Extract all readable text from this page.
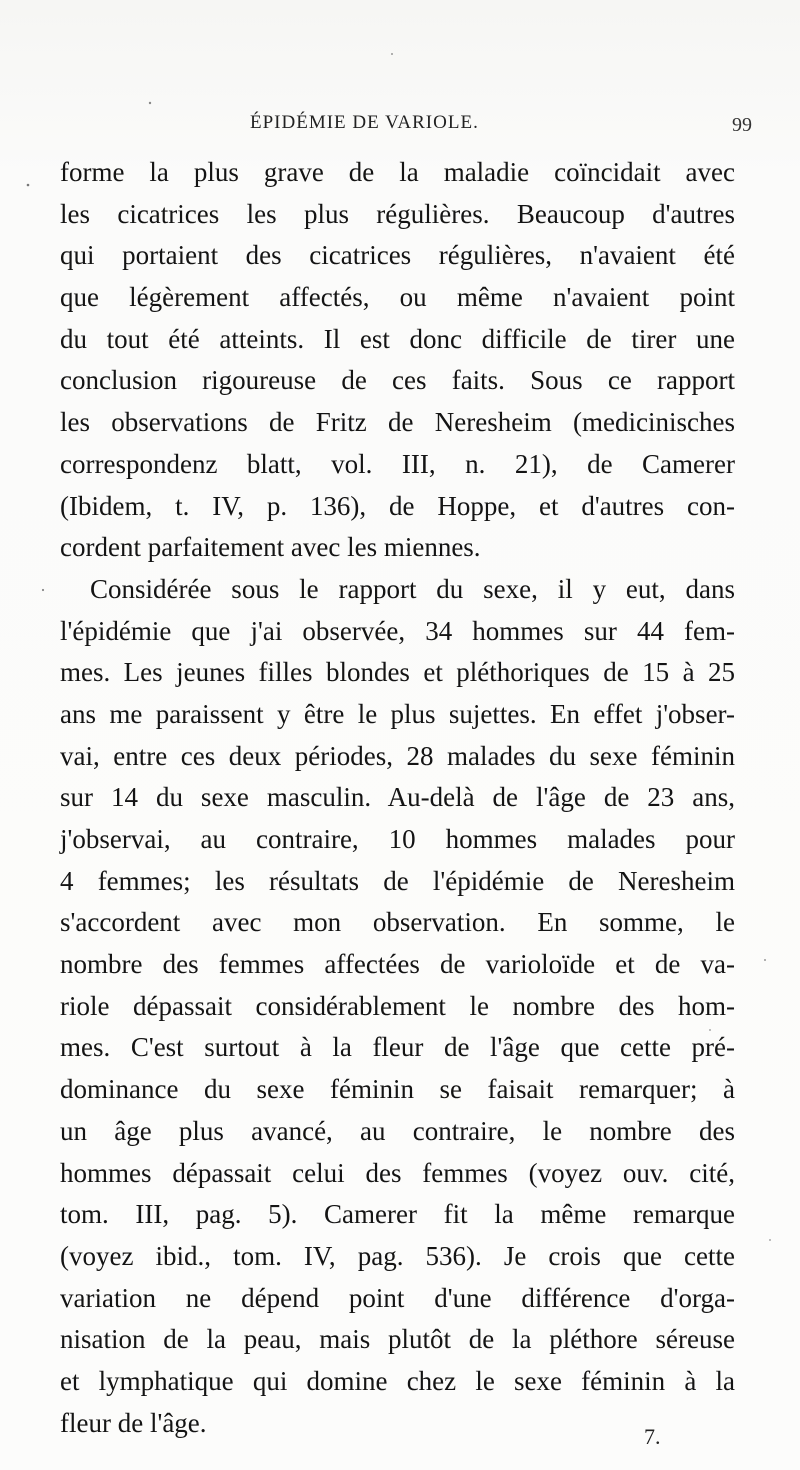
ÉPIDÉMIE DE VARIOLE.	99
forme la plus grave de la maladie coïncidait avec
les cicatrices les plus régulières. Beaucoup d'autres
qui portaient des cicatrices régulières, n'avaient été
que légèrement affectés, ou même n'avaient point
du tout été atteints. Il est donc difficile de tirer une
conclusion rigoureuse de ces faits. Sous ce rapport
les observations de Fritz de Neresheim (medicinisches
correspondenz blatt, vol. III, n. 21), de Camerer
(Ibidem, t. IV, p. 136), de Hoppe, et d'autres con-
cordent parfaitement avec les miennes.
Considérée sous le rapport du sexe, il y eut, dans
l'épidémie que j'ai observée, 34 hommes sur 44 fem-
mes. Les jeunes filles blondes et pléthoriques de 15 à 25
ans me paraissent y être le plus sujettes. En effet j'obser-
vai, entre ces deux périodes, 28 malades du sexe féminin
sur 14 du sexe masculin. Au-delà de l'âge de 23 ans,
j'observai, au contraire, 10 hommes malades pour
4 femmes; les résultats de l'épidémie de Neresheim
s'accordent avec mon observation. En somme, le
nombre des femmes affectées de varioloïde et de va-
riole dépassait considérablement le nombre des hom-
mes. C'est surtout à la fleur de l'âge que cette pré-
dominance du sexe féminin se faisait remarquer; à
un âge plus avancé, au contraire, le nombre des
hommes dépassait celui des femmes (voyez ouv. cité,
tom. III, pag. 5). Camerer fit la même remarque
(voyez ibid., tom. IV, pag. 536). Je crois que cette
variation ne dépend point d'une différence d'orga-
nisation de la peau, mais plutôt de la pléthore séreuse
et lymphatique qui domine chez le sexe féminin à la
fleur de l'âge.	7.
